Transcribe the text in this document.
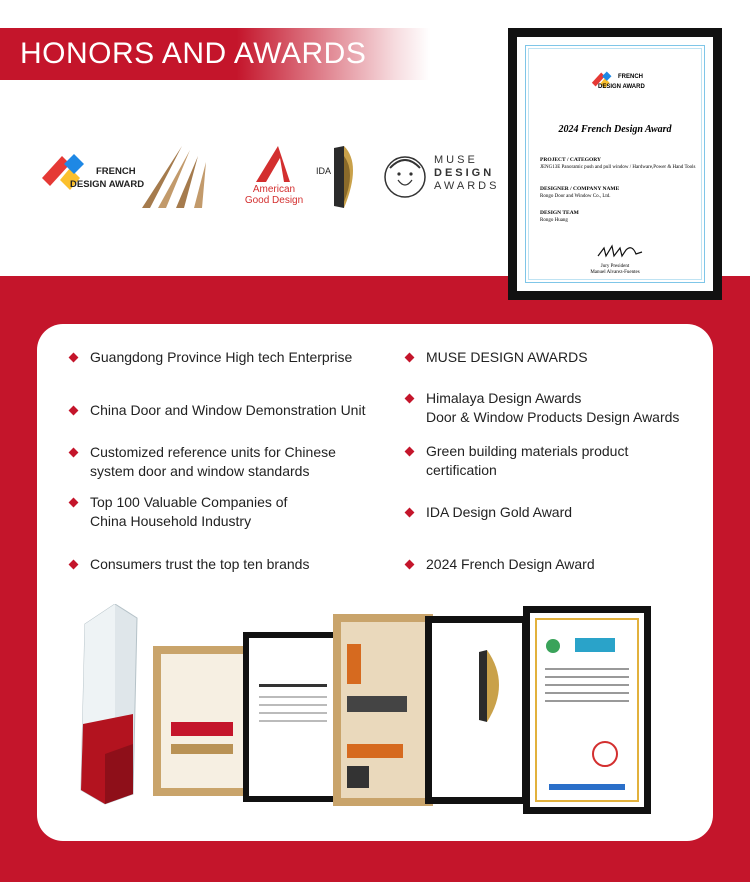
HONORS AND AWARDS
FRENCH
DESIGN AWARD	American
Good Design
IDA
MUSE
DESIGN
AWARDS
FRENCH
DESIGN AWARD
2024 French Design Award
PROJECT / CATEGORY
JENG13E Panoramic push and pull window / Hardware,Power & Hand Tools
DESIGNER / COMPANY NAME
Rongo Door and Window Co., Ltd.
DESIGN TEAM
Rongo Huang
Jury President
Manuel Alvarez-Fuentes
Guangdong Province High tech Enterprise
China Door and Window Demonstration Unit
Customized reference units for Chinese
system door and window standards
Top 100 Valuable Companies of
China Household Industry
Consumers trust the top ten brands
MUSE DESIGN AWARDS
Himalaya Design Awards
Door & Window Products Design Awards
Green building materials product
certification
IDA Design Gold Award
2024 French Design Award
